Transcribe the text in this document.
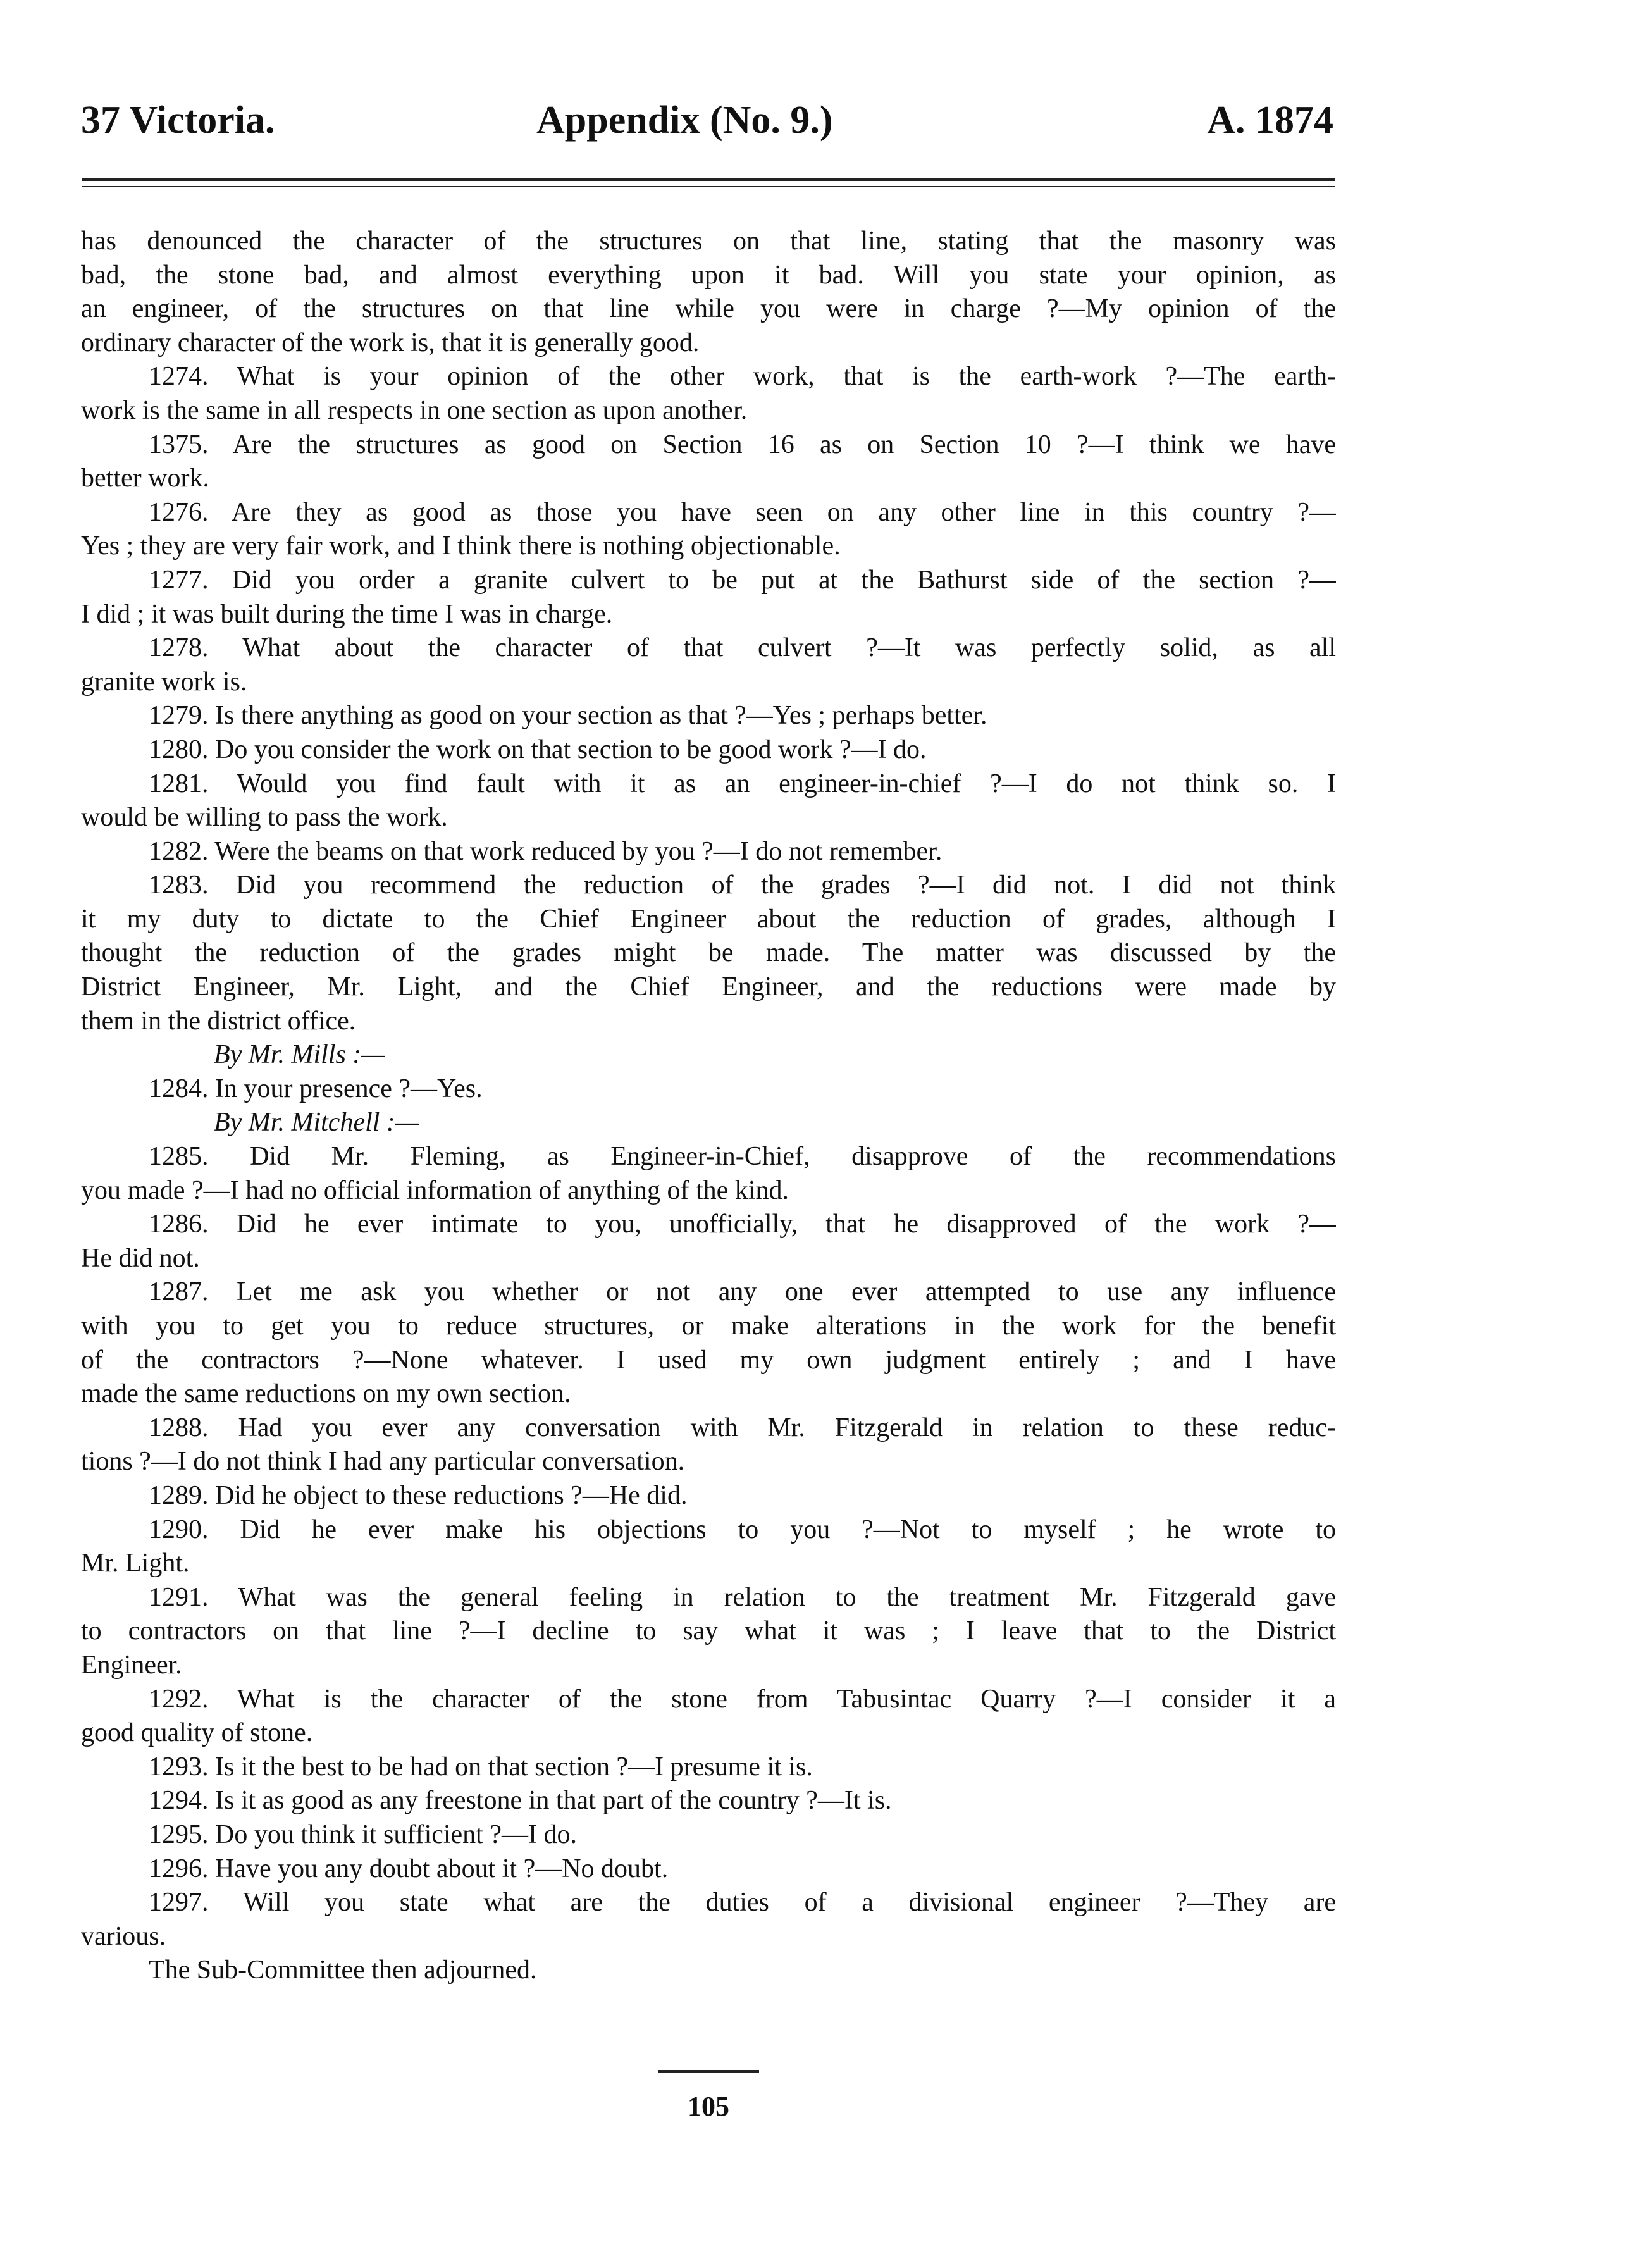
37 Victoria.	Appendix (No. 9.)	A. 1874
has denounced the character of the structures on that line, stating that the masonry was
bad, the stone bad, and almost everything upon it bad. Will you state your opinion, as
an engineer, of the structures on that line while you were in charge ?—My opinion of the
ordinary character of the work is, that it is generally good.
1274. What is your opinion of the other work, that is the earth-work ?—The earth-
work is the same in all respects in one section as upon another.
1375. Are the structures as good on Section 16 as on Section 10 ?—I think we have
better work.
1276. Are they as good as those you have seen on any other line in this country ?—
Yes ; they are very fair work, and I think there is nothing objectionable.
1277. Did you order a granite culvert to be put at the Bathurst side of the section ?—
I did ; it was built during the time I was in charge.
1278. What about the character of that culvert ?—It was perfectly solid, as all
granite work is.
1279. Is there anything as good on your section as that ?—Yes ; perhaps better.
1280. Do you consider the work on that section to be good work ?—I do.
1281. Would you find fault with it as an engineer-in-chief ?—I do not think so. I
would be willing to pass the work.
1282. Were the beams on that work reduced by you ?—I do not remember.
1283. Did you recommend the reduction of the grades ?—I did not. I did not think
it my duty to dictate to the Chief Engineer about the reduction of grades, although I
thought the reduction of the grades might be made. The matter was discussed by the
District Engineer, Mr. Light, and the Chief Engineer, and the reductions were made by
them in the district office.
By Mr. Mills :—
1284. In your presence ?—Yes.
By Mr. Mitchell :—
1285. Did Mr. Fleming, as Engineer-in-Chief, disapprove of the recommendations
you made ?—I had no official information of anything of the kind.
1286. Did he ever intimate to you, unofficially, that he disapproved of the work ?—
He did not.
1287. Let me ask you whether or not any one ever attempted to use any influence
with you to get you to reduce structures, or make alterations in the work for the benefit
of the contractors ?—None whatever. I used my own judgment entirely ; and I have
made the same reductions on my own section.
1288. Had you ever any conversation with Mr. Fitzgerald in relation to these reduc-
tions ?—I do not think I had any particular conversation.
1289. Did he object to these reductions ?—He did.
1290. Did he ever make his objections to you ?—Not to myself ; he wrote to
Mr. Light.
1291. What was the general feeling in relation to the treatment Mr. Fitzgerald gave
to contractors on that line ?—I decline to say what it was ; I leave that to the District
Engineer.
1292. What is the character of the stone from Tabusintac Quarry ?—I consider it a
good quality of stone.
1293. Is it the best to be had on that section ?—I presume it is.
1294. Is it as good as any freestone in that part of the country ?—It is.
1295. Do you think it sufficient ?—I do.
1296. Have you any doubt about it ?—No doubt.
1297. Will you state what are the duties of a divisional engineer ?—They are
various.
The Sub-Committee then adjourned.
105
